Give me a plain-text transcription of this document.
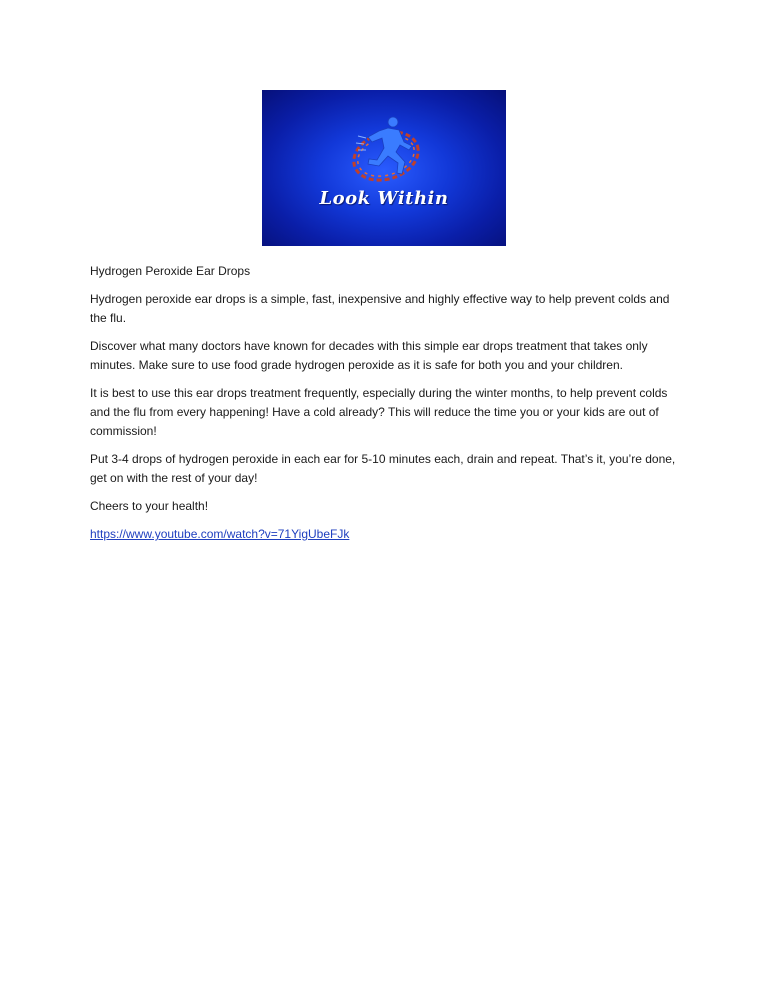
Look Within

Hydrogen Peroxide Ear Drops

Hydrogen peroxide ear drops is a simple, fast, inexpensive and highly effective way to help prevent colds and the flu.

Discover what many doctors have known for decades with this simple ear drops treatment that takes only minutes. Make sure to use food grade hydrogen peroxide as it is safe for both you and your children.

It is best to use this ear drops treatment frequently, especially during the winter months, to help prevent colds and the flu from every happening! Have a cold already? This will reduce the time you or your kids are out of commission!

Put 3-4 drops of hydrogen peroxide in each ear for 5-10 minutes each, drain and repeat. That’s it, you’re done, get on with the rest of your day!

Cheers to your health!

https://www.youtube.com/watch?v=71YigUbeFJk
